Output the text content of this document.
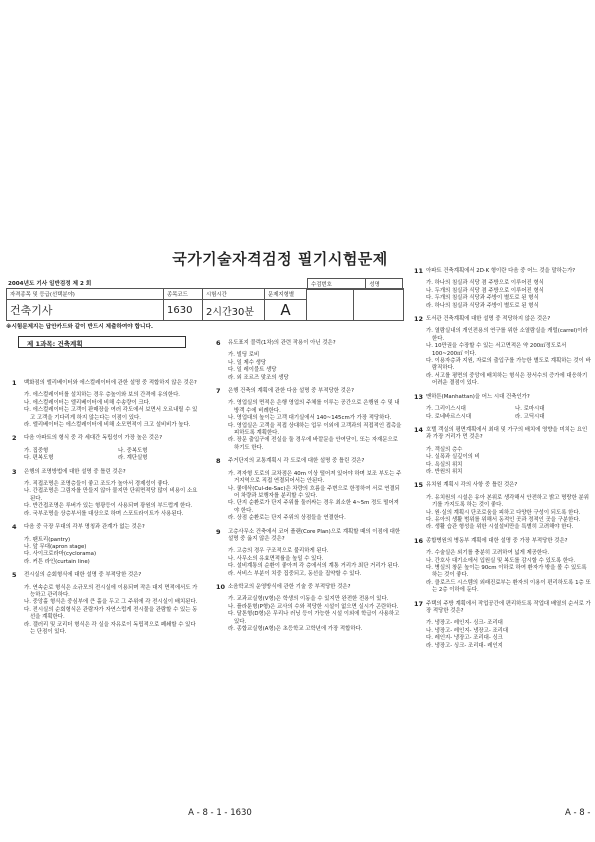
국가기술자격검정 필기시험문제
2004년도 기사 일반검정 제 2 회	수검번호	성명
자격종목 및 등급(선택분야)	종목코드	시험시간	문제지형별		
건축기사	1630	2시간30분	A		
※시험문제지는 답안카드와 같이 반드시 제출하여야 합니다.
제 1과목: 건축계획
1	백화점의 엘리베이터와 에스컬레이터에 관한 설명 중 적합하지 않은 것은?
가. 에스컬레이터를 설치하는 경우 층높이와 보의 간격에 유의한다.
나. 에스컬레이터는 엘리베이터에 비해 수송량이 크다.
다. 에스컬레이터는 고객이 판매장을 여러 각도에서 보면서 오르내릴 수 있고 고객을 기다리게 하지 않는다는 이점이 있다.
라. 엘리베이터는 에스컬레이터에 비해 소모면적이 크고 설비비가 높다.
2	다음 아파트의 형식 중 각 세대간 독립성이 가장 높은 것은?
가. 집중형	나. 중복도형
다. 편복도형	라. 계단실형
3	은행의 조명방법에 대한 설명 중 틀린 것은?
가. 직접조명은 조명층들이 좋고 조도가 높아서 경제성이 좋다.
나. 간접조명은 그림자를 만들지 않아 물지만 단위면적당 많이 비용이 소요된다.
다. 반간접조명은 루버가 있는 형광등이 사용되며 광원의 부드럽게 한다.
라. 국부조명을 상층부서를 대상으로 하며 스포트라이트가 사용된다.
4	다음 중 극장 무대의 각부 명칭과 관계가 없는 것은?
가. 팬트리(pantry)
나. 앞 무대(apron stage)
다. 사이크로라마(cyclorama)
라. 커튼 라인(curtain line)
5	전시실의 순회형식에 대한 설명 중 부적당한 것은?
가. 연속순로 형식은 소규모의 전시실에 이용되며 작은 대지 면적에서도 가능하고 관리하다.
나. 중앙홀 형식은 중심부에 큰 홀을 두고 그 주위에 각 전시실이 배치된다.
다. 전시실의 순회형식은 관람자가 자연스럽게 전시물을 관람할 수 있는 동선을 계획한다.
라. 갤러리 및 코리더 형식은 각 실을 자유로이 독립적으로 폐쇄할 수 있다는 단점이 있다.
6	유도표지 블럭(1차)의 관련 작용이 아닌 것은?
가. 빌딩 로비
나. 일 제수 생당
다. 일 레이블트 생당
라. 외 조르즈 맞조의 생당
7	은행 건축의 계획에 관한 다음 설명 중 부적당한 것은?
가. 영업실의 면적은 은행 영업의 주체를 이루는 공간으로 은행원 수 및 내방객 수에 비례한다.
나. 영업대의 높이는 고객 대기실에서 140~145cm가 가장 적당하다.
다. 영업실은 고객을 직접 상대하는 업무 이외에 고객과의 직접적인 접촉을 피하도록 계획한다.
라. 장문 출입구에 전실을 둘 경우에 바깥문을 안여닫이, 또는 자재문으로 하기도 한다.
8	주거단지의 교통계획시 각 도로에 대한 설명 중 틀린 것은?
가. 격자형 도로의 교차점은 40m 이상 떨어져 있어야 하며 보조 부도는 주거지역으로 직접 연결되어서는 안된다.
나. 쿨데삭(Cul-de-Sac)은 차량의 흐름을 주변으로 한정하여 서로 연결되어 차량과 보행자를 분리할 수 있다.
다. 단지 순환로가 단지 주위를 둘러싸는 경우 최소한 4~5m 정도 떨어져야 한다.
라. 상점 순환로는 단지 주위의 상점들을 연결한다.
9	고층사무소 건축에서 코어 플랜(Core Plan)으로 계획할 때의 이점에 대한 설명 중 옳지 않은 것은?
가. 고층의 경우 구조적으로 불리하게 된다.
나. 사무소의 유효면적률을 높일 수 있다.
다. 설비계통의 순환이 좋아져 각 층에서의 계통 거리가 최단 거리가 된다.
라. 서비스 부분이 치중 집중되고, 동선을 집약할 수 있다.
10 소음학교의 운영방식에 관한 기술 중 부적당한 것은?
가. 교과교실형(V형)은 학생의 이동을 수 있지만 완전한 전용이 있다.
나. 플라툰형(P형)은 교사의 수와 적당한 시설이 없으면 실시가 곤란하다.
다. 달톤형(D형)은 무리나 러닝 등이 가능한 시설 이외에 학급이 사용하고 있다.
라. 종합교실형(A형)은 초등학교 고학년에 가장 적합하다.
11 아파트 건축계획에서 2D·K 형이란 다음 중 어느 것을 말하는가?
가. 하나의 침실과 식당 겸 주방으로 이루어진 형식
나. 두개의 침실과 식당 겸 주방으로 이루어진 형식
다. 두개의 침실과 식당과 주방이 별도로 된 형식
라. 하나의 침실과 식당과 주방이 별도로 된 형식
12 도서관 건축계획에 대한 설명 중 적당하지 않은 것은?
가. 열람실내의 개인전용의 연구를 위한 소열람실을 캐럴(carrel)이라 한다.
나. 10만권을 수장할 수 있는 서고면적은 약 200㎡정도로서 100~200㎡ 이다.
다. 이용자층과 지원, 자료의 출입구를 가능한 별도로 계획하는 것이 바람직하다.
라. 서고를 평면의 중앙에 배치하는 형식은 장서수의 증가에 대응하기 어려운 결점이 있다.
13 맨하튼(Manhattan)을 어느 시대 건축인가?
가. 그리이스시대	나. 로마시대
다. 로네바르스시대	라. 고딕시대
14 호텔 객실의 평면계획에서 최대 및 가구의 배치에 영향을 미치는 요인과 가장 거리가 먼 것은?
가. 객실의 층수
나. 실폭과 실깊이의 비
다. 욕실의 위치
라. 반원의 위치
15 유치원 계획시 각의 사항 중 틀린 것은?
가. 유치원의 시설은 유아 본위로 생각해서 안전하고 밝고 명랑한 분위기를 가지도록 하는 것이 좋다.
나. 원·실의 계획시 단조로움을 피하고 다양한 구성이 되도록 한다.
다. 유아의 생활 범위를 위해서 동적인 곳과 정적인 곳을 구분한다.
라. 생활 습관 형성을 위한 시설설비만을 특별히 고려해야 한다.
16 종합병원의 병동부 계획에 대한 설명 중 가장 부적당한 것은?
가. 수술실은 외기를 충분히 고려하여 넓게 제공한다.
나. 간호사 대기소에서 입원실 및 복도를 감시할 수 있도록 한다.
다. 병실의 창문 높이는 90cm 이하로 하여 환자가 밖을 볼 수 있도록 하는 것이 좋다.
라. 클로즈드 시스템의 외래진료부는 환자의 이용이 편리하도록 1층 또는 2층 이하에 둔다.
17 주택의 주방 계획에서 작업공간에 편리하도록 작업대 배열의 순서로 가장 적당한 것은?
가. 냉장고- 레인지- 싱크- 조리대
나. 냉장고- 레인지- 냉장고- 조리대
다. 레인지- 냉장고- 조리대- 싱크
라. 냉장고- 싱크- 조리대- 레인지
A - 8 - 1 - 1630	A - 8 -
